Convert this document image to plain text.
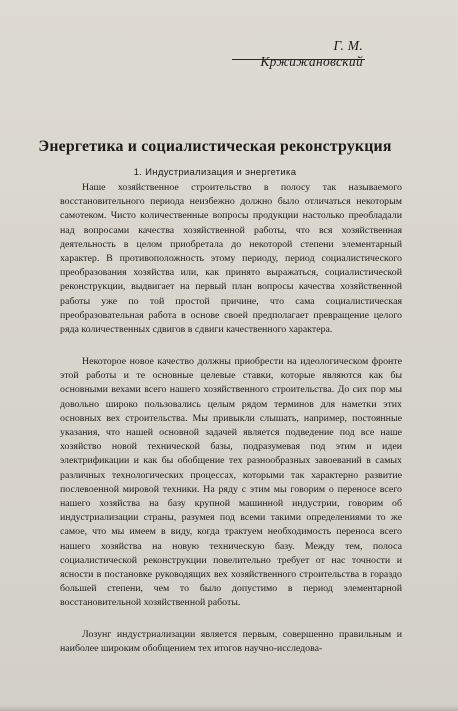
Г. М. Кржижановский
Энергетика и социалистическая реконструкция
1. Индустриализация и энергетика

Наше хозяйственное строительство в полосу так называемого восстановительного периода неизбежно должно было отличаться некоторым самотеком. Чисто количественные вопросы продукции настолько преобладали над вопросами качества хозяйственной работы, что вся хозяйственная деятельность в целом приобретала до некоторой степени элементарный характер. В противоположность этому периоду, период социалистического преобразования хозяйства или, как принято выражаться, социалистической реконструкции, выдвигает на первый план вопросы качества хозяйственной работы уже по той простой причине, что сама социалистическая преобразовательная работа в основе своей предполагает превращение целого ряда количественных сдвигов в сдвиги качественного характера.

Некоторое новое качество должны приобрести на идеологическом фронте этой работы и те основные целевые ставки, которые являются как бы основными вехами всего нашего хозяйственного строительства. До сих пор мы довольно широко пользовались целым рядом терминов для наметки этих основных вех строительства. Мы привыкли слышать, например, постоянные указания, что нашей основной задачей является подведение под все наше хозяйство новой технической базы, подразумевая под этим и идеи электрификации и как бы обобщение тех разнообразных завоеваний в самых различных технологических процессах, которыми так характерно развитие послевоенной мировой техники. На ряду с этим мы говорим о переносе всего нашего хозяйства на базу крупной машинной индустрии, говорим об индустриализации страны, разумея под всеми такими определениями то же самое, что мы имеем в виду, когда трактуем необходимость переноса всего нашего хозяйства на новую техническую базу. Между тем, полоса социалистической реконструкции повелительно требует от нас точности и ясности в постановке руководящих вех хозяйственного строительства в гораздо большей степени, чем то было допустимо в период элементарной восстановительной хозяйственной работы.

Лозунг индустриализации является первым, совершенно правильным и наиболее широким обобщением тех итогов научно-исследова-
